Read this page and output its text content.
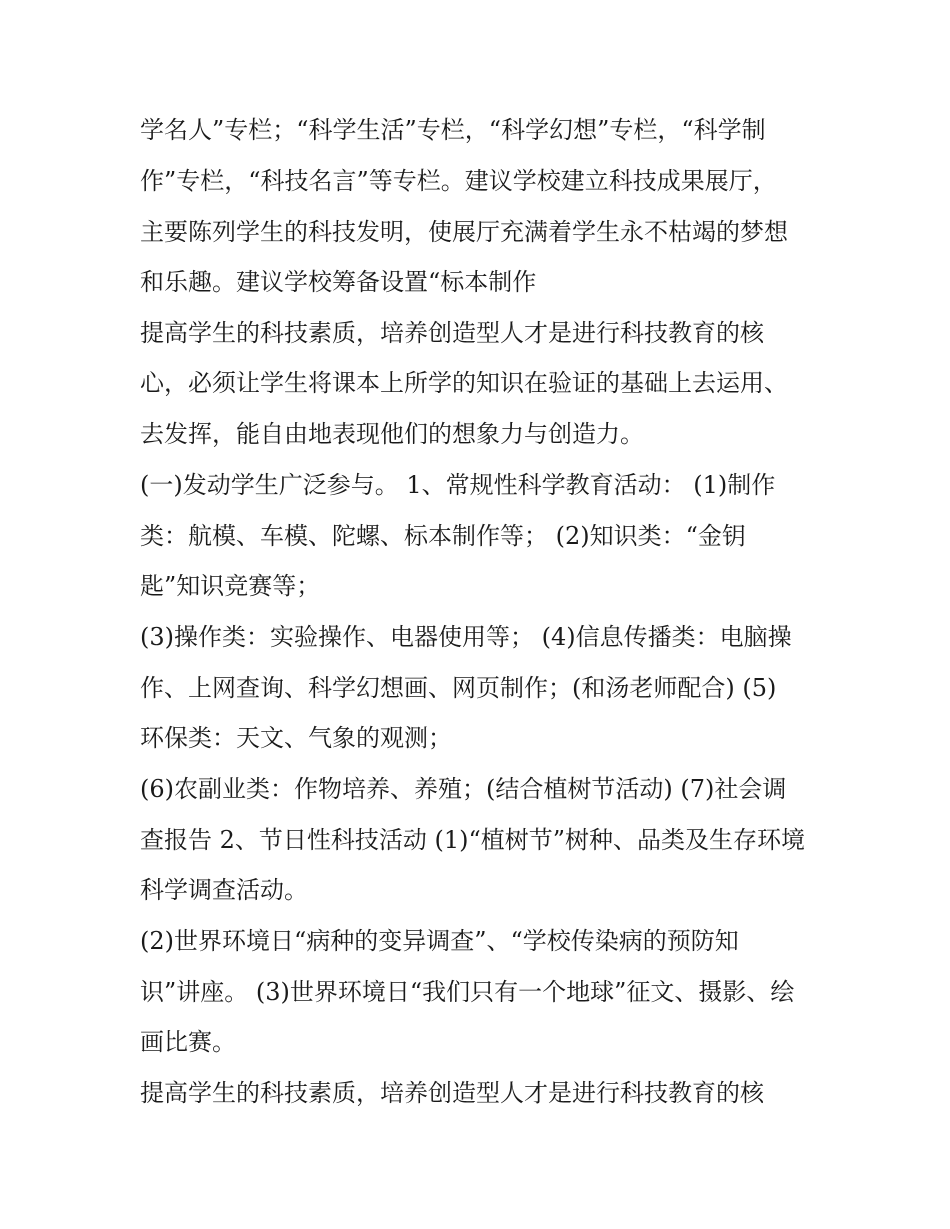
学名人”专栏；“科学生活”专栏，“科学幻想”专栏，“科学制
作”专栏，“科技名言”等专栏。建议学校建立科技成果展厅，
主要陈列学生的科技发明，使展厅充满着学生永不枯竭的梦想
和乐趣。建议学校筹备设置“标本制作
提高学生的科技素质，培养创造型人才是进行科技教育的核
心，必须让学生将课本上所学的知识在验证的基础上去运用、
去发挥，能自由地表现他们的想象力与创造力。
(一)发动学生广泛参与。 1、常规性科学教育活动： (1)制作
类：航模、车模、陀螺、标本制作等； (2)知识类：“金钥
匙”知识竞赛等；
(3)操作类：实验操作、电器使用等； (4)信息传播类：电脑操
作、上网查询、科学幻想画、网页制作；(和汤老师配合) (5)
环保类：天文、气象的观测；
(6)农副业类：作物培养、养殖；(结合植树节活动) (7)社会调
查报告 2、节日性科技活动 (1)“植树节”树种、品类及生存环境
科学调查活动。
(2)世界环境日“病种的变异调查”、“学校传染病的预防知
识”讲座。 (3)世界环境日“我们只有一个地球”征文、摄影、绘
画比赛。
提高学生的科技素质，培养创造型人才是进行科技教育的核
